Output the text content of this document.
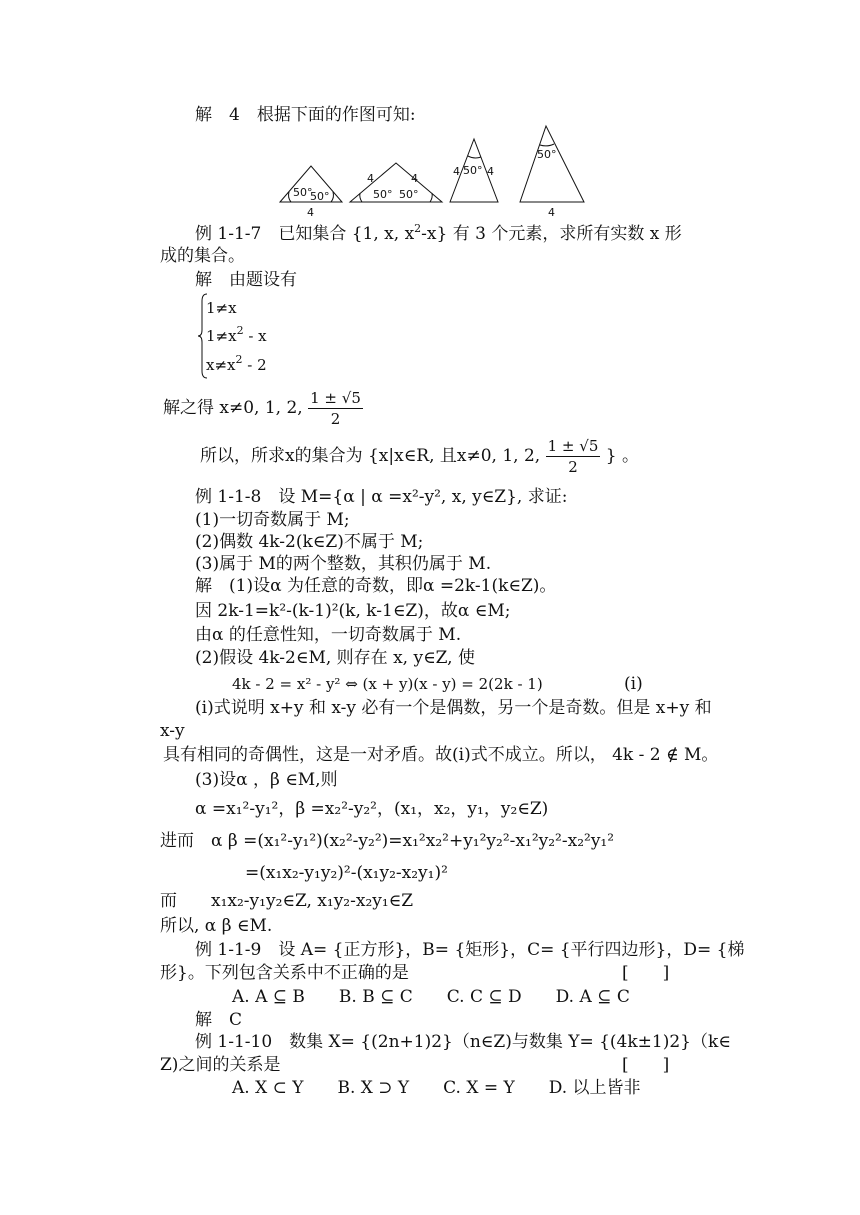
解　4　根据下面的作图可知:
50°
50°
4
4	4
50° 50°
4 50° 4
50°
4
例 1-1-7　已知集合 {1, x, $x^2-x$} 有 3 个元素，求所有实数 x 形
成的集合。
解　由题设有
1≠x
$1\ne x^2 - x$
$x\ne x^2 - 2$
解之得 x≠0, 1, 2, $\frac{1 \pm √5}{2}$
所以，所求x的集合为 {x|x∈R, 且x≠0, 1, 2, $\frac{1 \pm √5}{2}$ } 。
例 1-1-8　设 M={α | α =x²-y², x, y∈Z}, 求证:
(1)一切奇数属于 M;
(2)偶数 4k-2(k∈Z)不属于 M;
(3)属于 M的两个整数，其积仍属于 M.
解　(1)设α 为任意的奇数，即α =2k-1(k∈Z)。
因 2k-1=k²-(k-1)²(k, k-1∈Z)，故α ∈M;
由α 的任意性知，一切奇数属于 M.
(2)假设 4k-2∈M, 则存在 x, y∈Z, 使
4k - 2 = x² - y² ⇔ (x + y)(x - y) = 2(2k - 1)	(i)
(i)式说明 x+y 和 x-y 必有一个是偶数，另一个是奇数。但是 x+y 和
x-y
具有相同的奇偶性，这是一对矛盾。故(i)式不成立。所以， 4k - 2 ∉ M。
(3)设α ，β ∈M,则
α =x₁²-y₁²，β =x₂²-y₂²，(x₁，x₂，y₁，y₂∈Z)
进而　α β =(x₁²-y₁²)(x₂²-y₂²)=x₁²x₂²+y₁²y₂²-x₁²y₂²-x₂²y₁²
=(x₁x₂-y₁y₂)²-(x₁y₂-x₂y₁)²
而　　x₁x₂-y₁y₂∈Z, x₁y₂-x₂y₁∈Z
所以, α β ∈M.
例 1-1-9　设 A= {正方形}，B= {矩形}，C= {平行四边形}，D= {梯
形}。下列包含关系中不正确的是	[　　]
A. A ⊆ B　　B. B ⊆ C　　C. C ⊆ D　　D. A ⊆ C
解　C
例 1-1-10　数集 X= {(2n+1)2}（n∈Z)与数集 Y= {(4k±1)2}（k∈
Z)之间的关系是	[　　]
A. X ⊂ Y　　B. X ⊃ Y　　C. X = Y　　D. 以上皆非
